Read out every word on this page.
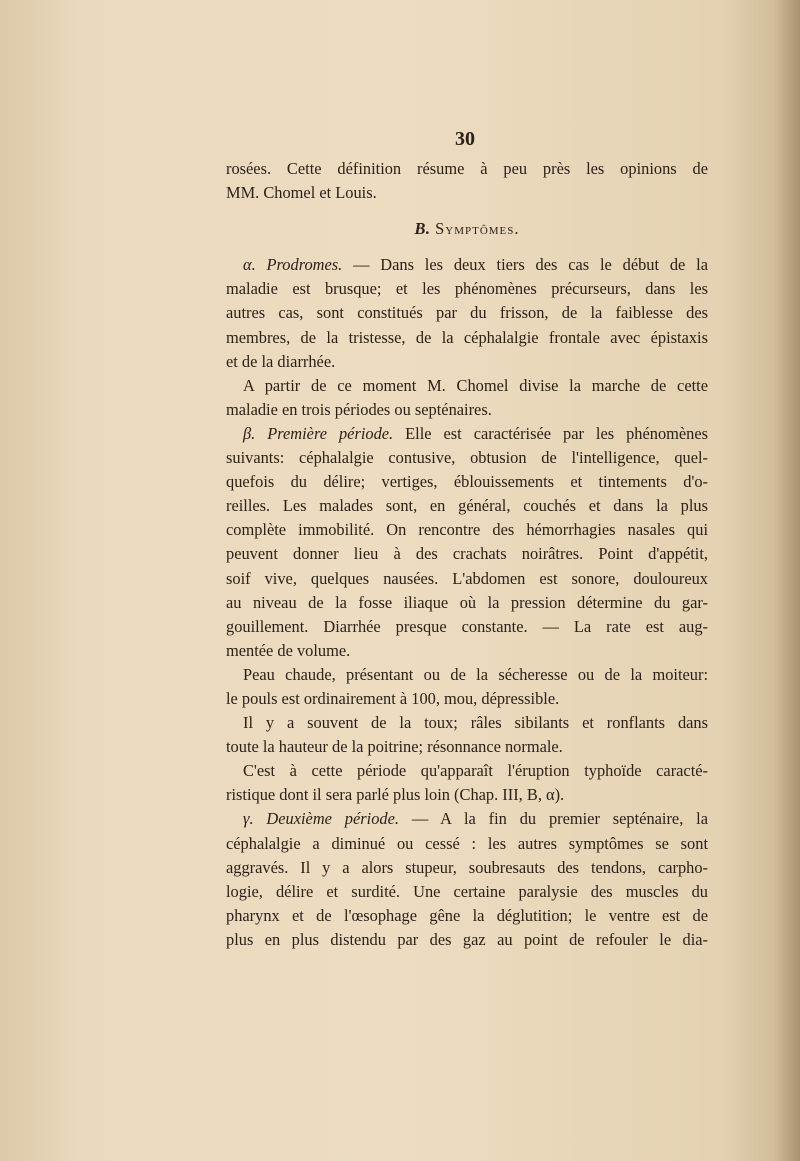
30
rosées. Cette définition résume à peu près les opinions de
MM. Chomel et Louis.
B. Symptômes.
α. Prodromes. — Dans les deux tiers des cas le début de la
maladie est brusque; et les phénomènes précurseurs, dans les
autres cas, sont constitués par du frisson, de la faiblesse des
membres, de la tristesse, de la céphalalgie frontale avec épistaxis
et de la diarrhée.
A partir de ce moment M. Chomel divise la marche de cette
maladie en trois périodes ou septénaires.
β. Première période. Elle est caractérisée par les phénomènes
suivants: céphalalgie contusive, obtusion de l'intelligence, quel-
quefois du délire; vertiges, éblouissements et tintements d'o-
reilles. Les malades sont, en général, couchés et dans la plus
complète immobilité. On rencontre des hémorrhagies nasales qui
peuvent donner lieu à des crachats noirâtres. Point d'appétit,
soif vive, quelques nausées. L'abdomen est sonore, douloureux
au niveau de la fosse iliaque où la pression détermine du gar-
gouillement. Diarrhée presque constante. — La rate est aug-
mentée de volume.
Peau chaude, présentant ou de la sécheresse ou de la moiteur:
le pouls est ordinairement à 100, mou, dépressible.
Il y a souvent de la toux; râles sibilants et ronflants dans
toute la hauteur de la poitrine; résonnance normale.
C'est à cette période qu'apparaît l'éruption typhoïde caracté-
ristique dont il sera parlé plus loin (Chap. III, B, α).
γ. Deuxième période. — A la fin du premier septénaire, la
céphalalgie a diminué ou cessé : les autres symptômes se sont
aggravés. Il y a alors stupeur, soubresauts des tendons, carpho-
logie, délire et surdité. Une certaine paralysie des muscles du
pharynx et de l'œsophage gêne la déglutition; le ventre est de
plus en plus distendu par des gaz au point de refouler le dia-
